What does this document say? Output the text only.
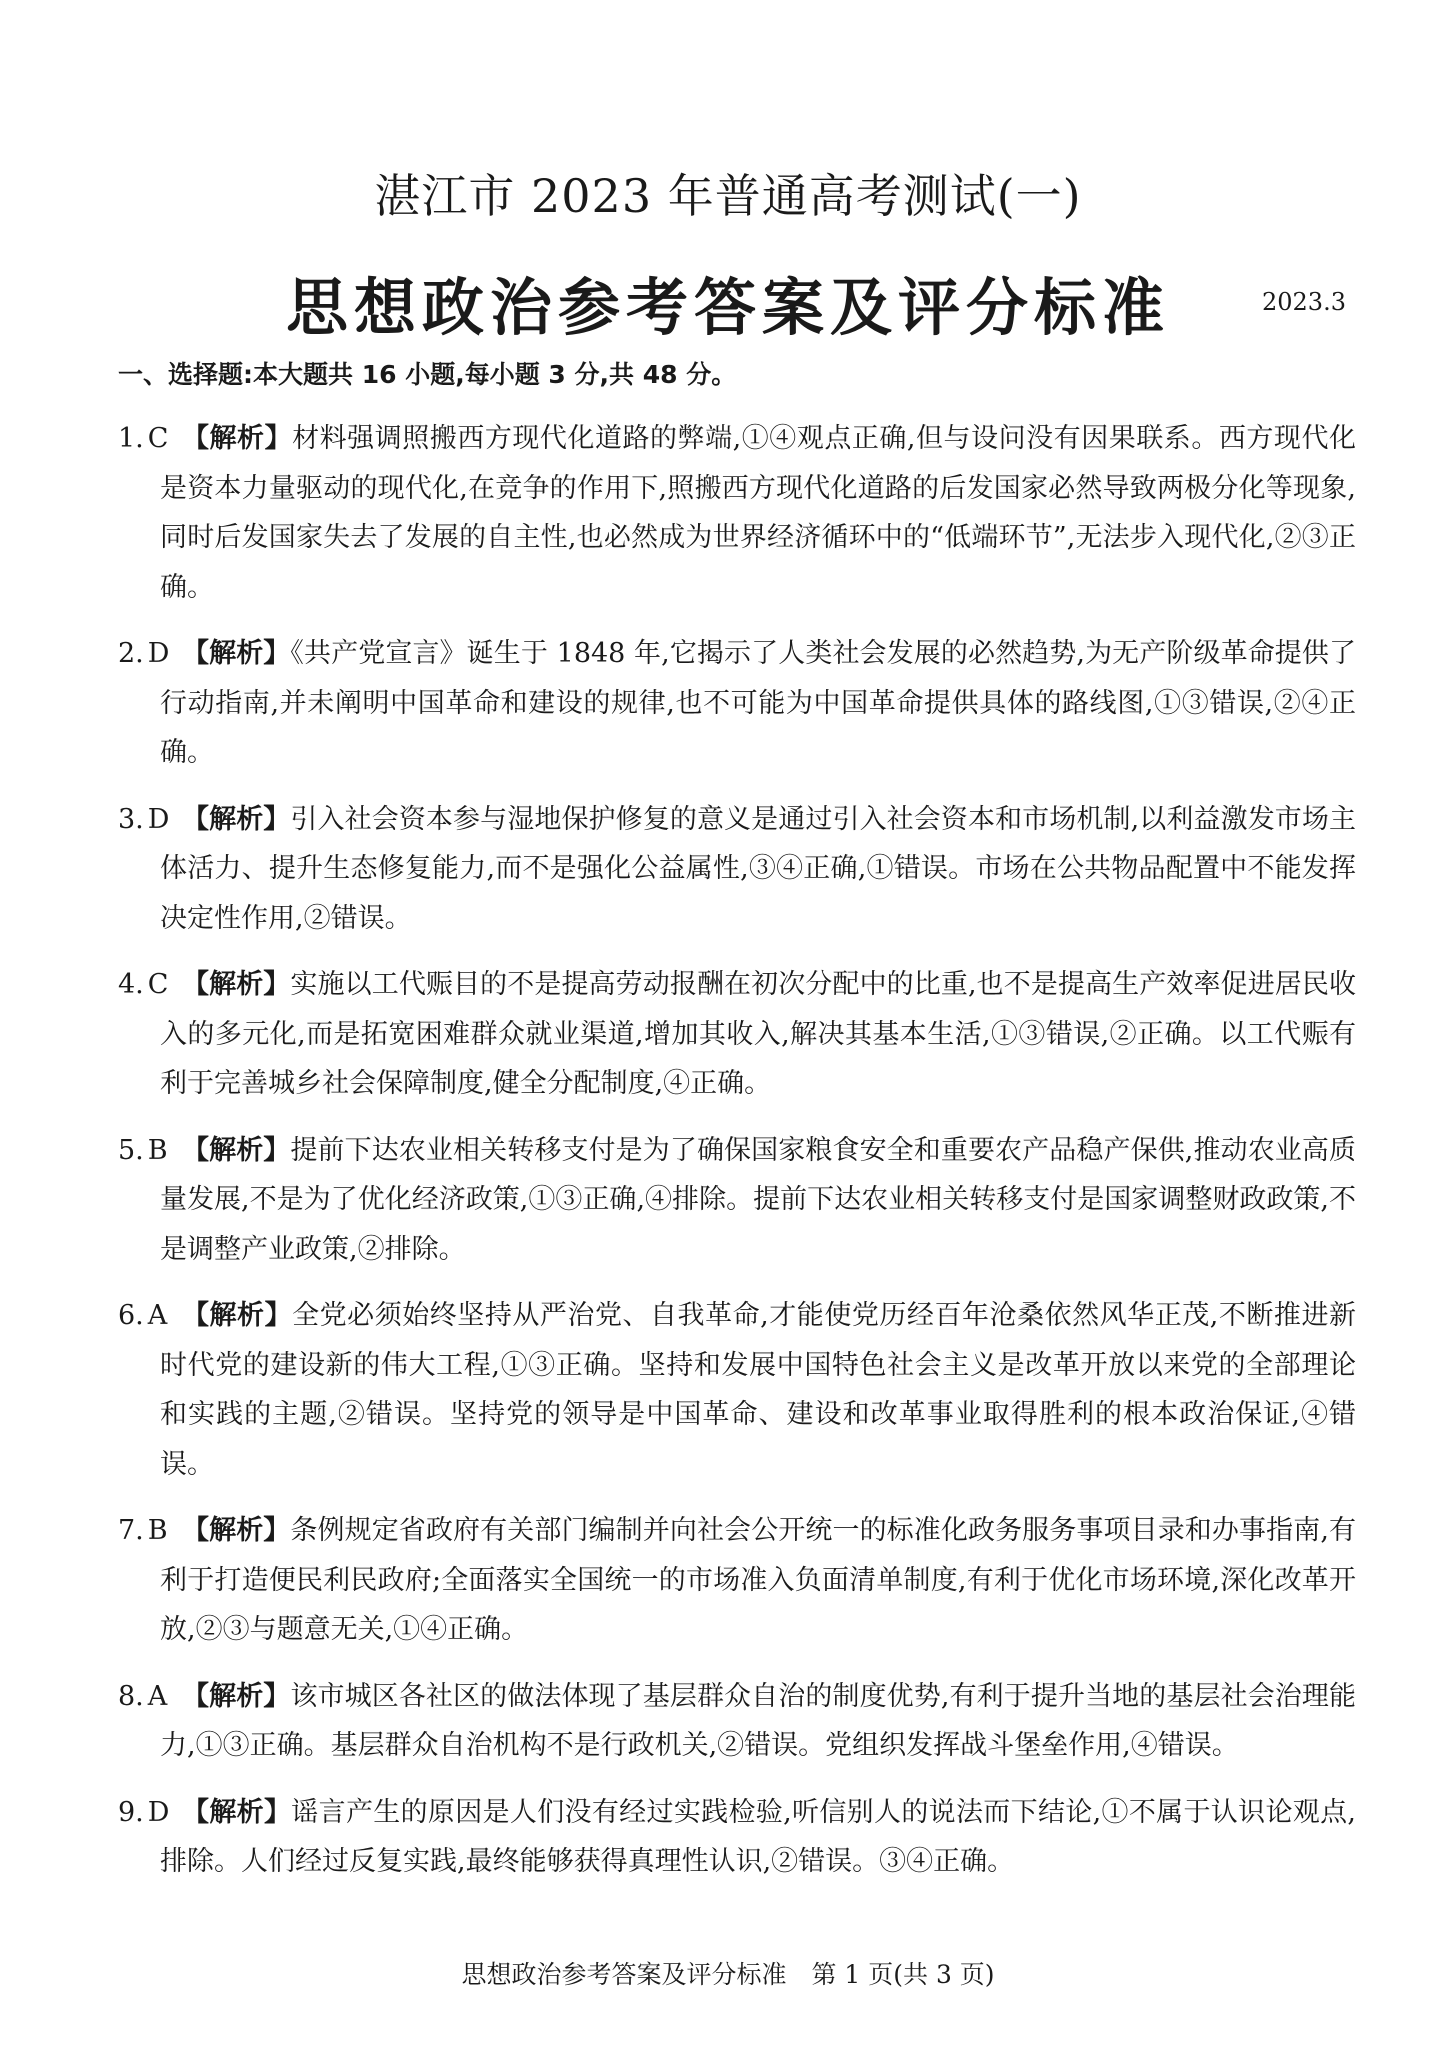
湛江市 2023 年普通高考测试(一)
思想政治参考答案及评分标准	2023.3
一、选择题:本大题共 16 小题,每小题 3 分,共 48 分。
1. C 【解析】材料强调照搬西方现代化道路的弊端,①④观点正确,但与设问没有因果联系。西方现代化是资本力量驱动的现代化,在竞争的作用下,照搬西方现代化道路的后发国家必然导致两极分化等现象,同时后发国家失去了发展的自主性,也必然成为世界经济循环中的“低端环节”,无法步入现代化,②③正确。
2. D 【解析】《共产党宣言》诞生于 1848 年,它揭示了人类社会发展的必然趋势,为无产阶级革命提供了行动指南,并未阐明中国革命和建设的规律,也不可能为中国革命提供具体的路线图,①③错误,②④正确。
3. D 【解析】引入社会资本参与湿地保护修复的意义是通过引入社会资本和市场机制,以利益激发市场主体活力、提升生态修复能力,而不是强化公益属性,③④正确,①错误。市场在公共物品配置中不能发挥决定性作用,②错误。
4. C 【解析】实施以工代赈目的不是提高劳动报酬在初次分配中的比重,也不是提高生产效率促进居民收入的多元化,而是拓宽困难群众就业渠道,增加其收入,解决其基本生活,①③错误,②正确。以工代赈有利于完善城乡社会保障制度,健全分配制度,④正确。
5. B 【解析】提前下达农业相关转移支付是为了确保国家粮食安全和重要农产品稳产保供,推动农业高质量发展,不是为了优化经济政策,①③正确,④排除。提前下达农业相关转移支付是国家调整财政政策,不是调整产业政策,②排除。
6. A 【解析】全党必须始终坚持从严治党、自我革命,才能使党历经百年沧桑依然风华正茂,不断推进新时代党的建设新的伟大工程,①③正确。坚持和发展中国特色社会主义是改革开放以来党的全部理论和实践的主题,②错误。坚持党的领导是中国革命、建设和改革事业取得胜利的根本政治保证,④错误。
7. B 【解析】条例规定省政府有关部门编制并向社会公开统一的标准化政务服务事项目录和办事指南,有利于打造便民利民政府;全面落实全国统一的市场准入负面清单制度,有利于优化市场环境,深化改革开放,②③与题意无关,①④正确。
8. A 【解析】该市城区各社区的做法体现了基层群众自治的制度优势,有利于提升当地的基层社会治理能力,①③正确。基层群众自治机构不是行政机关,②错误。党组织发挥战斗堡垒作用,④错误。
9. D 【解析】谣言产生的原因是人们没有经过实践检验,听信别人的说法而下结论,①不属于认识论观点,排除。人们经过反复实践,最终能够获得真理性认识,②错误。③④正确。
思想政治参考答案及评分标准　第 1 页(共 3 页)
